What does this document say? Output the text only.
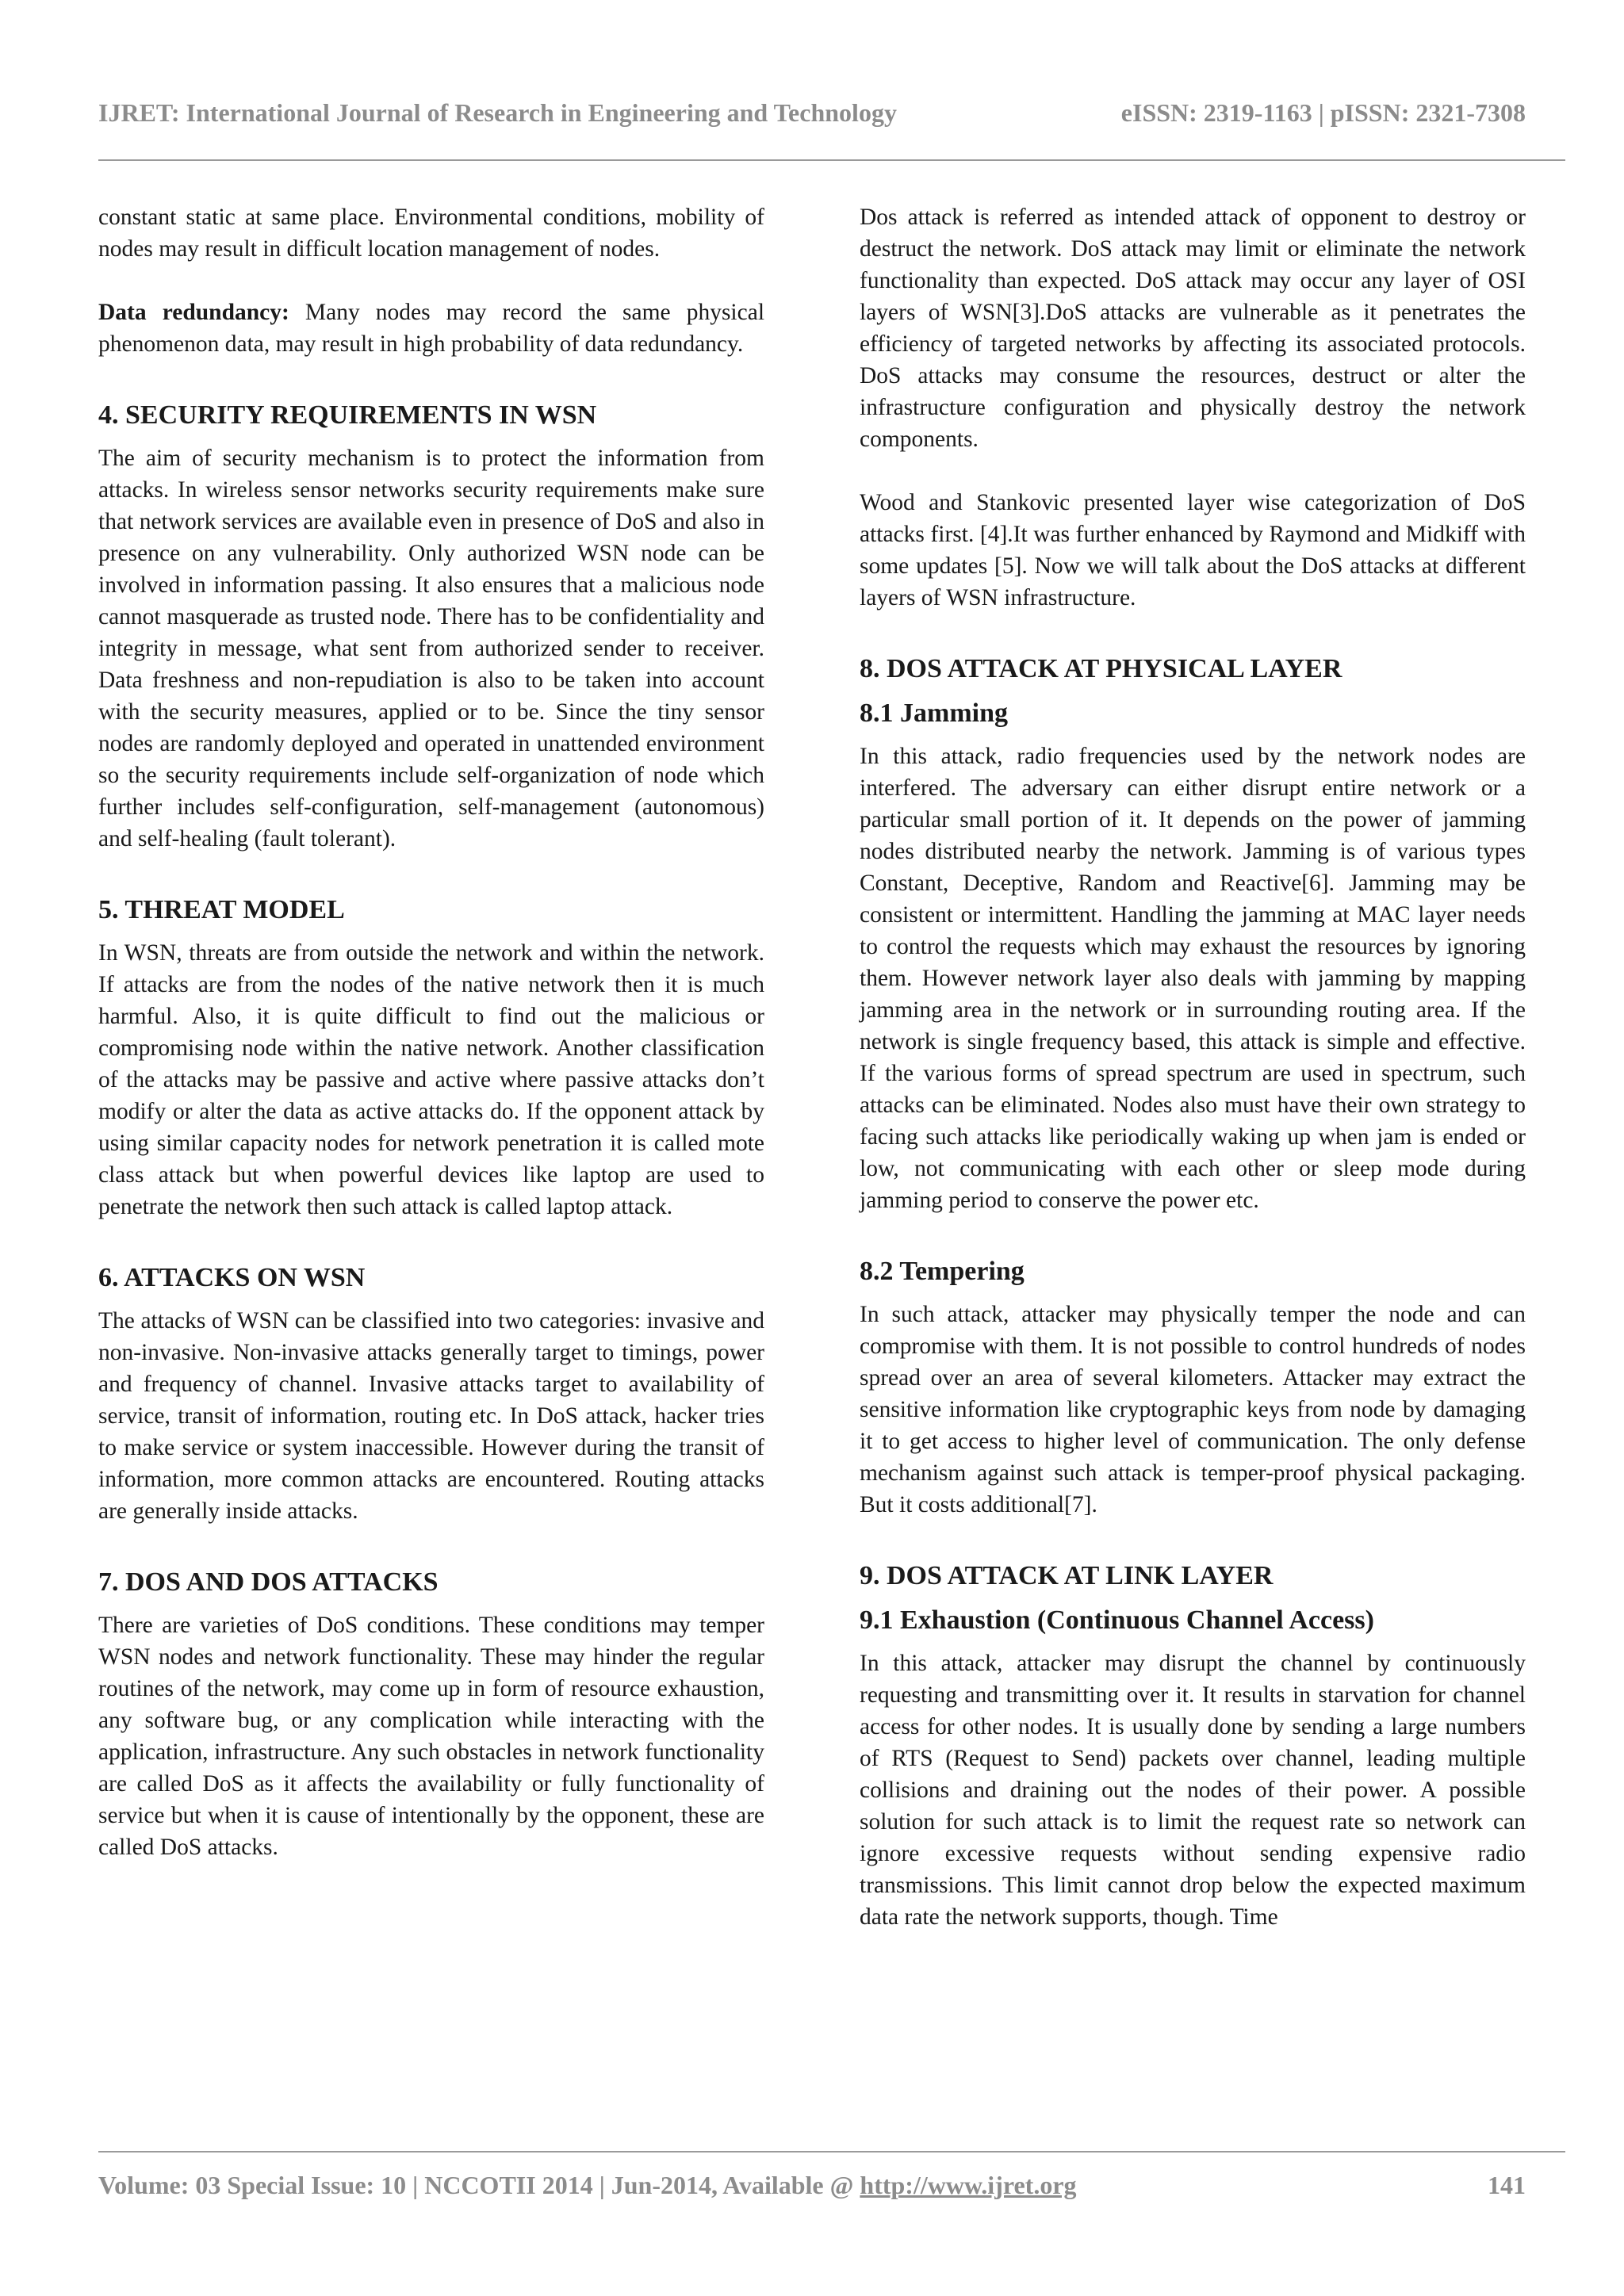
IJRET: International Journal of Research in Engineering and Technology	eISSN: 2319-1163 | pISSN: 2321-7308

constant static at same place. Environmental conditions, mobility of nodes may result in difficult location management of nodes.

Data redundancy: Many nodes may record the same physical phenomenon data, may result in high probability of data redundancy.

4. SECURITY REQUIREMENTS IN WSN

The aim of security mechanism is to protect the information from attacks. In wireless sensor networks security requirements make sure that network services are available even in presence of DoS and also in presence on any vulnerability. Only authorized WSN node can be involved in information passing. It also ensures that a malicious node cannot masquerade as trusted node. There has to be confidentiality and integrity in message, what sent from authorized sender to receiver. Data freshness and non-repudiation is also to be taken into account with the security measures, applied or to be. Since the tiny sensor nodes are randomly deployed and operated in unattended environment so the security requirements include self-organization of node which further includes self-configuration, self-management (autonomous) and self-healing (fault tolerant).

5. THREAT MODEL

In WSN, threats are from outside the network and within the network. If attacks are from the nodes of the native network then it is much harmful. Also, it is quite difficult to find out the malicious or compromising node within the native network. Another classification of the attacks may be passive and active where passive attacks don’t modify or alter the data as active attacks do. If the opponent attack by using similar capacity nodes for network penetration it is called mote class attack but when powerful devices like laptop are used to penetrate the network then such attack is called laptop attack.

6. ATTACKS ON WSN

The attacks of WSN can be classified into two categories: invasive and non-invasive. Non-invasive attacks generally target to timings, power and frequency of channel. Invasive attacks target to availability of service, transit of information, routing etc. In DoS attack, hacker tries to make service or system inaccessible. However during the transit of information, more common attacks are encountered. Routing attacks are generally inside attacks.

7. DOS AND DOS ATTACKS

There are varieties of DoS conditions. These conditions may temper WSN nodes and network functionality. These may hinder the regular routines of the network, may come up in form of resource exhaustion, any software bug, or any complication while interacting with the application, infrastructure. Any such obstacles in network functionality are called DoS as it affects the availability or fully functionality of service but when it is cause of intentionally by the opponent, these are called DoS attacks.

Dos attack is referred as intended attack of opponent to destroy or destruct the network. DoS attack may limit or eliminate the network functionality than expected. DoS attack may occur any layer of OSI layers of WSN[3].DoS attacks are vulnerable as it penetrates the efficiency of targeted networks by affecting its associated protocols. DoS attacks may consume the resources, destruct or alter the infrastructure configuration and physically destroy the network components.

Wood and Stankovic presented layer wise categorization of DoS attacks first. [4].It was further enhanced by Raymond and Midkiff with some updates [5]. Now we will talk about the DoS attacks at different layers of WSN infrastructure.

8. DOS ATTACK AT PHYSICAL LAYER
8.1 Jamming

In this attack, radio frequencies used by the network nodes are interfered. The adversary can either disrupt entire network or a particular small portion of it. It depends on the power of jamming nodes distributed nearby the network. Jamming is of various types Constant, Deceptive, Random and Reactive[6]. Jamming may be consistent or intermittent. Handling the jamming at MAC layer needs to control the requests which may exhaust the resources by ignoring them. However network layer also deals with jamming by mapping jamming area in the network or in surrounding routing area. If the network is single frequency based, this attack is simple and effective. If the various forms of spread spectrum are used in spectrum, such attacks can be eliminated. Nodes also must have their own strategy to facing such attacks like periodically waking up when jam is ended or low, not communicating with each other or sleep mode during jamming period to conserve the power etc.

8.2 Tempering

In such attack, attacker may physically temper the node and can compromise with them. It is not possible to control hundreds of nodes spread over an area of several kilometers. Attacker may extract the sensitive information like cryptographic keys from node by damaging it to get access to higher level of communication. The only defense mechanism against such attack is temper-proof physical packaging. But it costs additional[7].

9. DOS ATTACK AT LINK LAYER
9.1 Exhaustion (Continuous Channel Access)

In this attack, attacker may disrupt the channel by continuously requesting and transmitting over it. It results in starvation for channel access for other nodes. It is usually done by sending a large numbers of RTS (Request to Send) packets over channel, leading multiple collisions and draining out the nodes of their power. A possible solution for such attack is to limit the request rate so network can ignore excessive requests without sending expensive radio transmissions. This limit cannot drop below the expected maximum data rate the network supports, though. Time

Volume: 03 Special Issue: 10 | NCCOTII 2014 | Jun-2014, Available @ http://www.ijret.org	141
